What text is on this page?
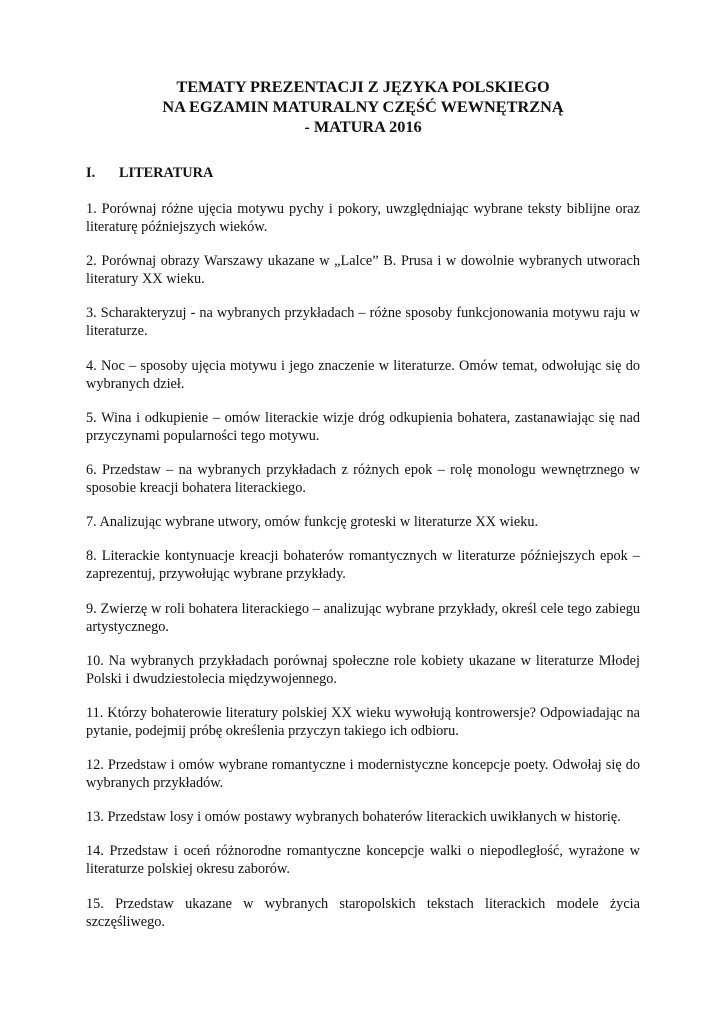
TEMATY PREZENTACJI Z JĘZYKA POLSKIEGO
NA EGZAMIN MATURALNY CZĘŚĆ WEWNĘTRZNĄ
- MATURA 2016
I.	LITERATURA

1. Porównaj różne ujęcia motywu pychy i pokory, uwzględniając wybrane teksty biblijne oraz literaturę późniejszych wieków.

2. Porównaj obrazy Warszawy ukazane w „Lalce” B. Prusa i w dowolnie wybranych utworach literatury XX wieku.

3. Scharakteryzuj - na wybranych przykładach – różne sposoby funkcjonowania motywu raju w literaturze.

4. Noc – sposoby ujęcia motywu i jego znaczenie w literaturze. Omów temat, odwołując się do wybranych dzieł.

5. Wina i odkupienie – omów literackie wizje dróg odkupienia bohatera, zastanawiając się nad przyczynami popularności tego motywu.

6. Przedstaw – na wybranych przykładach z różnych epok – rolę monologu wewnętrznego w sposobie kreacji bohatera literackiego.

7. Analizując wybrane utwory, omów funkcję groteski w literaturze XX wieku.

8. Literackie kontynuacje kreacji bohaterów romantycznych w literaturze późniejszych epok – zaprezentuj, przywołując wybrane przykłady.

9. Zwierzę w roli bohatera literackiego – analizując wybrane przykłady, określ cele tego zabiegu artystycznego.

10. Na wybranych przykładach porównaj społeczne role kobiety ukazane w literaturze Młodej Polski i dwudziestolecia międzywojennego.

11. Którzy bohaterowie literatury polskiej XX wieku wywołują kontrowersje? Odpowiadając na pytanie, podejmij próbę określenia przyczyn takiego ich odbioru.

12. Przedstaw i omów wybrane romantyczne i modernistyczne koncepcje poety. Odwołaj się do wybranych przykładów.

13. Przedstaw losy i omów postawy wybranych bohaterów literackich uwikłanych w historię.

14. Przedstaw i oceń różnorodne romantyczne koncepcje walki o niepodległość, wyrażone w literaturze polskiej okresu zaborów.

15. Przedstaw ukazane w wybranych staropolskich tekstach literackich modele życia szczęśliwego.
